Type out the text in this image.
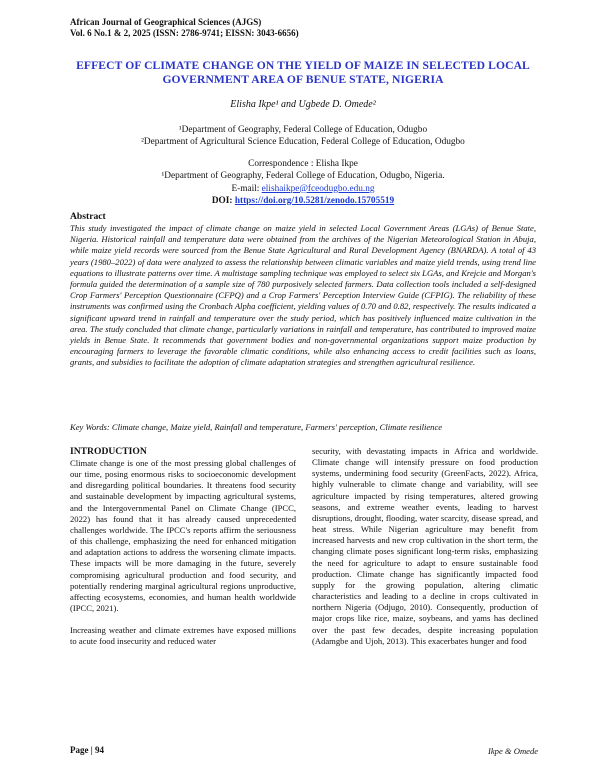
African Journal of Geographical Sciences (AJGS)
Vol. 6 No.1 & 2, 2025 (ISSN: 2786-9741; EISSN: 3043-6656)
EFFECT OF CLIMATE CHANGE ON THE YIELD OF MAIZE IN SELECTED LOCAL GOVERNMENT AREA OF BENUE STATE, NIGERIA
Elisha Ikpe¹ and Ugbede D. Omede²
¹Department of Geography, Federal College of Education, Odugbo
²Department of Agricultural Science Education, Federal College of Education, Odugbo
Correspondence : Elisha Ikpe
¹Department of Geography, Federal College of Education, Odugbo, Nigeria.
E-mail: elishaikpe@fceodugbo.edu.ng
DOI: https://doi.org/10.5281/zenodo.15705519
Abstract
This study investigated the impact of climate change on maize yield in selected Local Government Areas (LGAs) of Benue State, Nigeria. Historical rainfall and temperature data were obtained from the archives of the Nigerian Meteorological Station in Abuja, while maize yield records were sourced from the Benue State Agricultural and Rural Development Agency (BNARDA). A total of 43 years (1980–2022) of data were analyzed to assess the relationship between climatic variables and maize yield trends, using trend line equations to illustrate patterns over time. A multistage sampling technique was employed to select six LGAs, and Krejcie and Morgan's formula guided the determination of a sample size of 780 purposively selected farmers. Data collection tools included a self-designed Crop Farmers' Perception Questionnaire (CFPQ) and a Crop Farmers' Perception Interview Guide (CFPIG). The reliability of these instruments was confirmed using the Cronbach Alpha coefficient, yielding values of 0.70 and 0.82, respectively. The results indicated a significant upward trend in rainfall and temperature over the study period, which has positively influenced maize cultivation in the area. The study concluded that climate change, particularly variations in rainfall and temperature, has contributed to improved maize yields in Benue State. It recommends that government bodies and non-governmental organizations support maize production by encouraging farmers to leverage the favorable climatic conditions, while also enhancing access to credit facilities such as loans, grants, and subsidies to facilitate the adoption of climate adaptation strategies and strengthen agricultural resilience.
Key Words: Climate change, Maize yield, Rainfall and temperature, Farmers' perception, Climate resilience

INTRODUCTION

Climate change is one of the most pressing global challenges of our time, posing enormous risks to socioeconomic development and disregarding political boundaries. It threatens food security and sustainable development by impacting agricultural systems, and the Intergovernmental Panel on Climate Change (IPCC, 2022) has found that it has already caused unprecedented challenges worldwide. The IPCC's reports affirm the seriousness of this challenge, emphasizing the need for enhanced mitigation and adaptation actions to address the worsening climate impacts. These impacts will be more damaging in the future, severely compromising agricultural production and food security, and potentially rendering marginal agricultural regions unproductive, affecting ecosystems, economies, and human health worldwide (IPCC, 2021).

Increasing weather and climate extremes have exposed millions to acute food insecurity and reduced water

security, with devastating impacts in Africa and worldwide. Climate change will intensify pressure on food production systems, undermining food security (GreenFacts, 2022). Africa, highly vulnerable to climate change and variability, will see agriculture impacted by rising temperatures, altered growing seasons, and extreme weather events, leading to harvest disruptions, drought, flooding, water scarcity, disease spread, and heat stress. While Nigerian agriculture may benefit from increased harvests and new crop cultivation in the short term, the changing climate poses significant long-term risks, emphasizing the need for agriculture to adapt to ensure sustainable food production. Climate change has significantly impacted food supply for the growing population, altering climatic characteristics and leading to a decline in crops cultivated in northern Nigeria (Odjugo, 2010). Consequently, production of major crops like rice, maize, soybeans, and yams has declined over the past few decades, despite increasing population (Adamgbe and Ujoh, 2013). This exacerbates hunger and food

Page | 94	Ikpe & Omede
